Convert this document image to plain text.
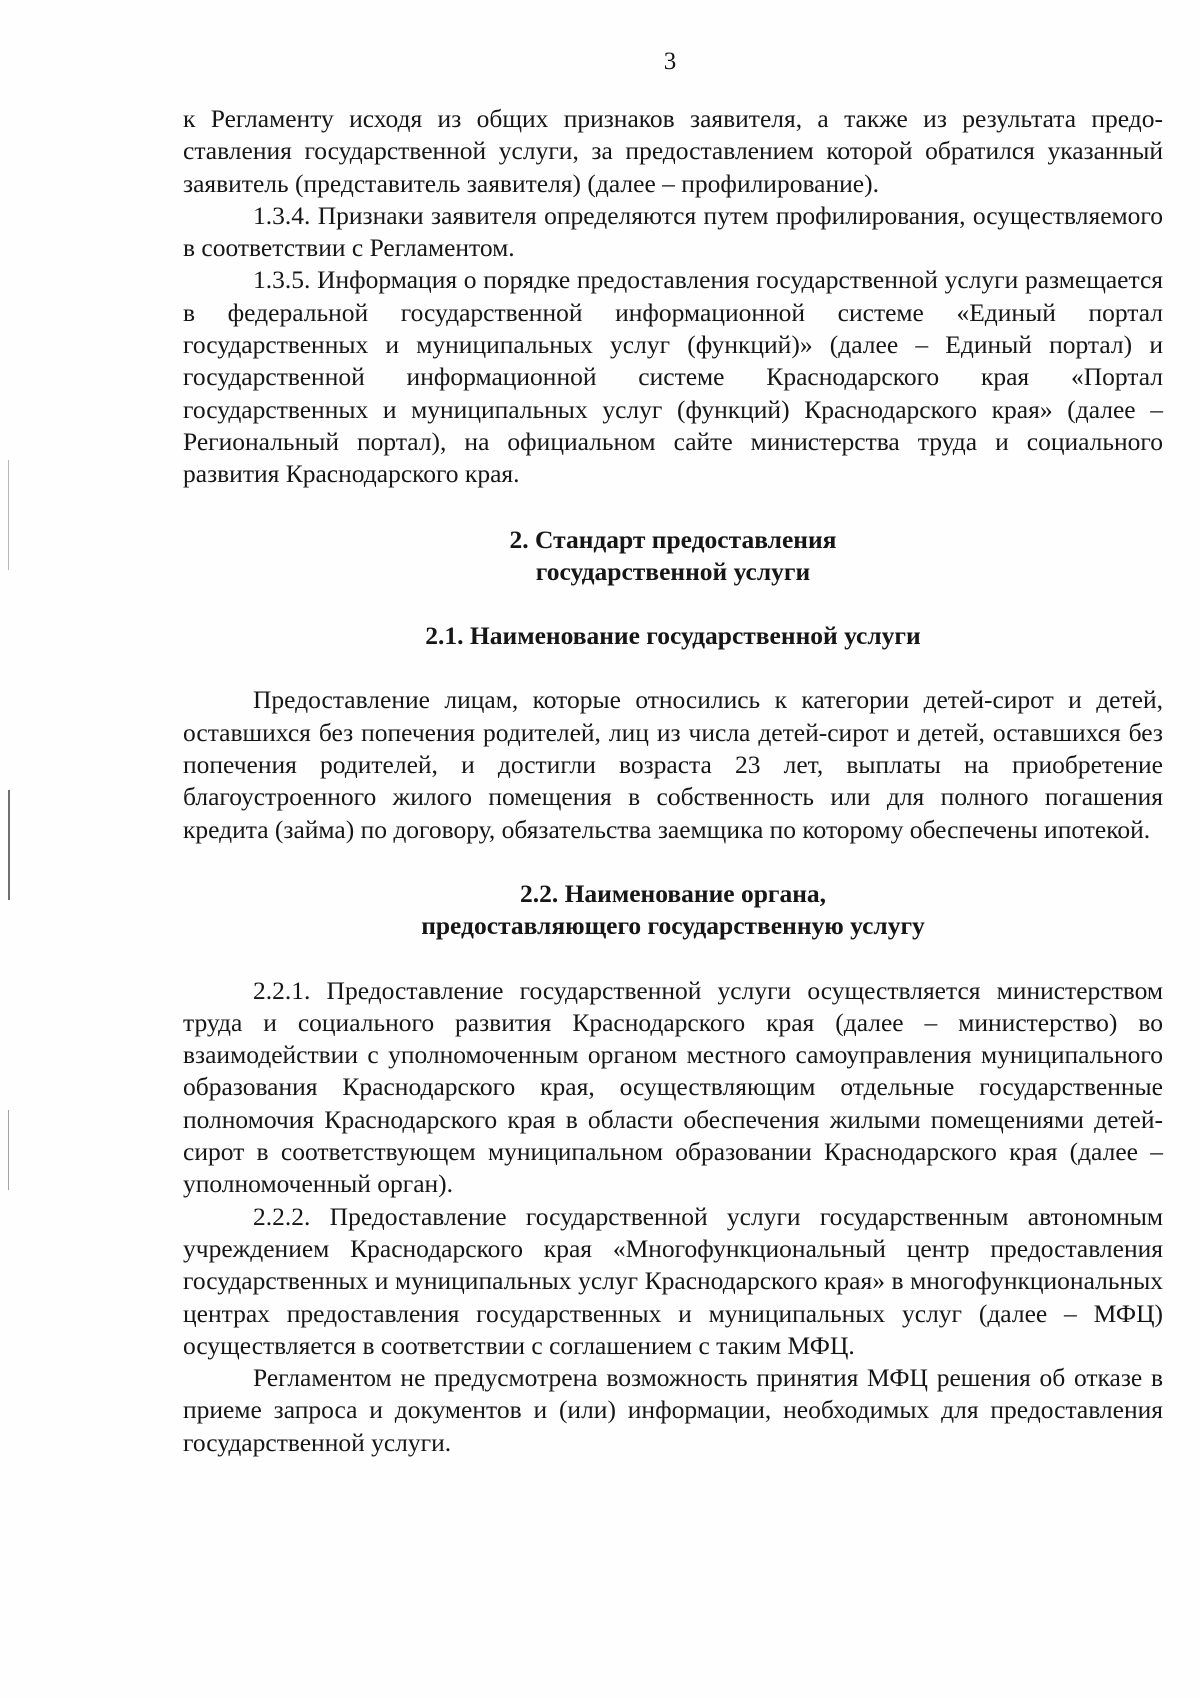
3

к Регламенту исходя из общих признаков заявителя, а также из результата предоставления государственной услуги, за предоставлением которой обратился указанный заявитель (представитель заявителя) (далее – профилирование).

1.3.4. Признаки заявителя определяются путем профилирования, осуществляемого в соответствии с Регламентом.

1.3.5. Информация о порядке предоставления государственной услуги размещается в федеральной государственной информационной системе «Единый портал государственных и муниципальных услуг (функций)» (далее – Единый портал) и государственной информационной системе Краснодарского края «Портал государственных и муниципальных услуг (функций) Краснодарского края» (далее – Региональный портал), на официальном сайте министерства труда и социального развития Краснодарского края.

2. Стандарт предоставления
государственной услуги
2.1. Наименование государственной услуги

Предоставление лицам, которые относились к категории детей-сирот и детей, оставшихся без попечения родителей, лиц из числа детей-сирот и детей, оставшихся без попечения родителей, и достигли возраста 23 лет, выплаты на приобретение благоустроенного жилого помещения в собственность или для полного погашения кредита (займа) по договору, обязательства заемщика по которому обеспечены ипотекой.

2.2. Наименование органа,
предоставляющего государственную услугу

2.2.1. Предоставление государственной услуги осуществляется министерством труда и социального развития Краснодарского края (далее – министерство) во взаимодействии с уполномоченным органом местного самоуправления муниципального образования Краснодарского края, осуществляющим отдельные государственные полномочия Краснодарского края в области обеспечения жилыми помещениями детей-сирот в соответствующем муниципальном образовании Краснодарского края (далее – уполномоченный орган).

2.2.2. Предоставление государственной услуги государственным автономным учреждением Краснодарского края «Многофункциональный центр предоставления государственных и муниципальных услуг Краснодарского края» в многофункциональных центрах предоставления государственных и муниципальных услуг (далее – МФЦ) осуществляется в соответствии с соглашением с таким МФЦ.

Регламентом не предусмотрена возможность принятия МФЦ решения об отказе в приеме запроса и документов и (или) информации, необходимых для предоставления государственной услуги.
